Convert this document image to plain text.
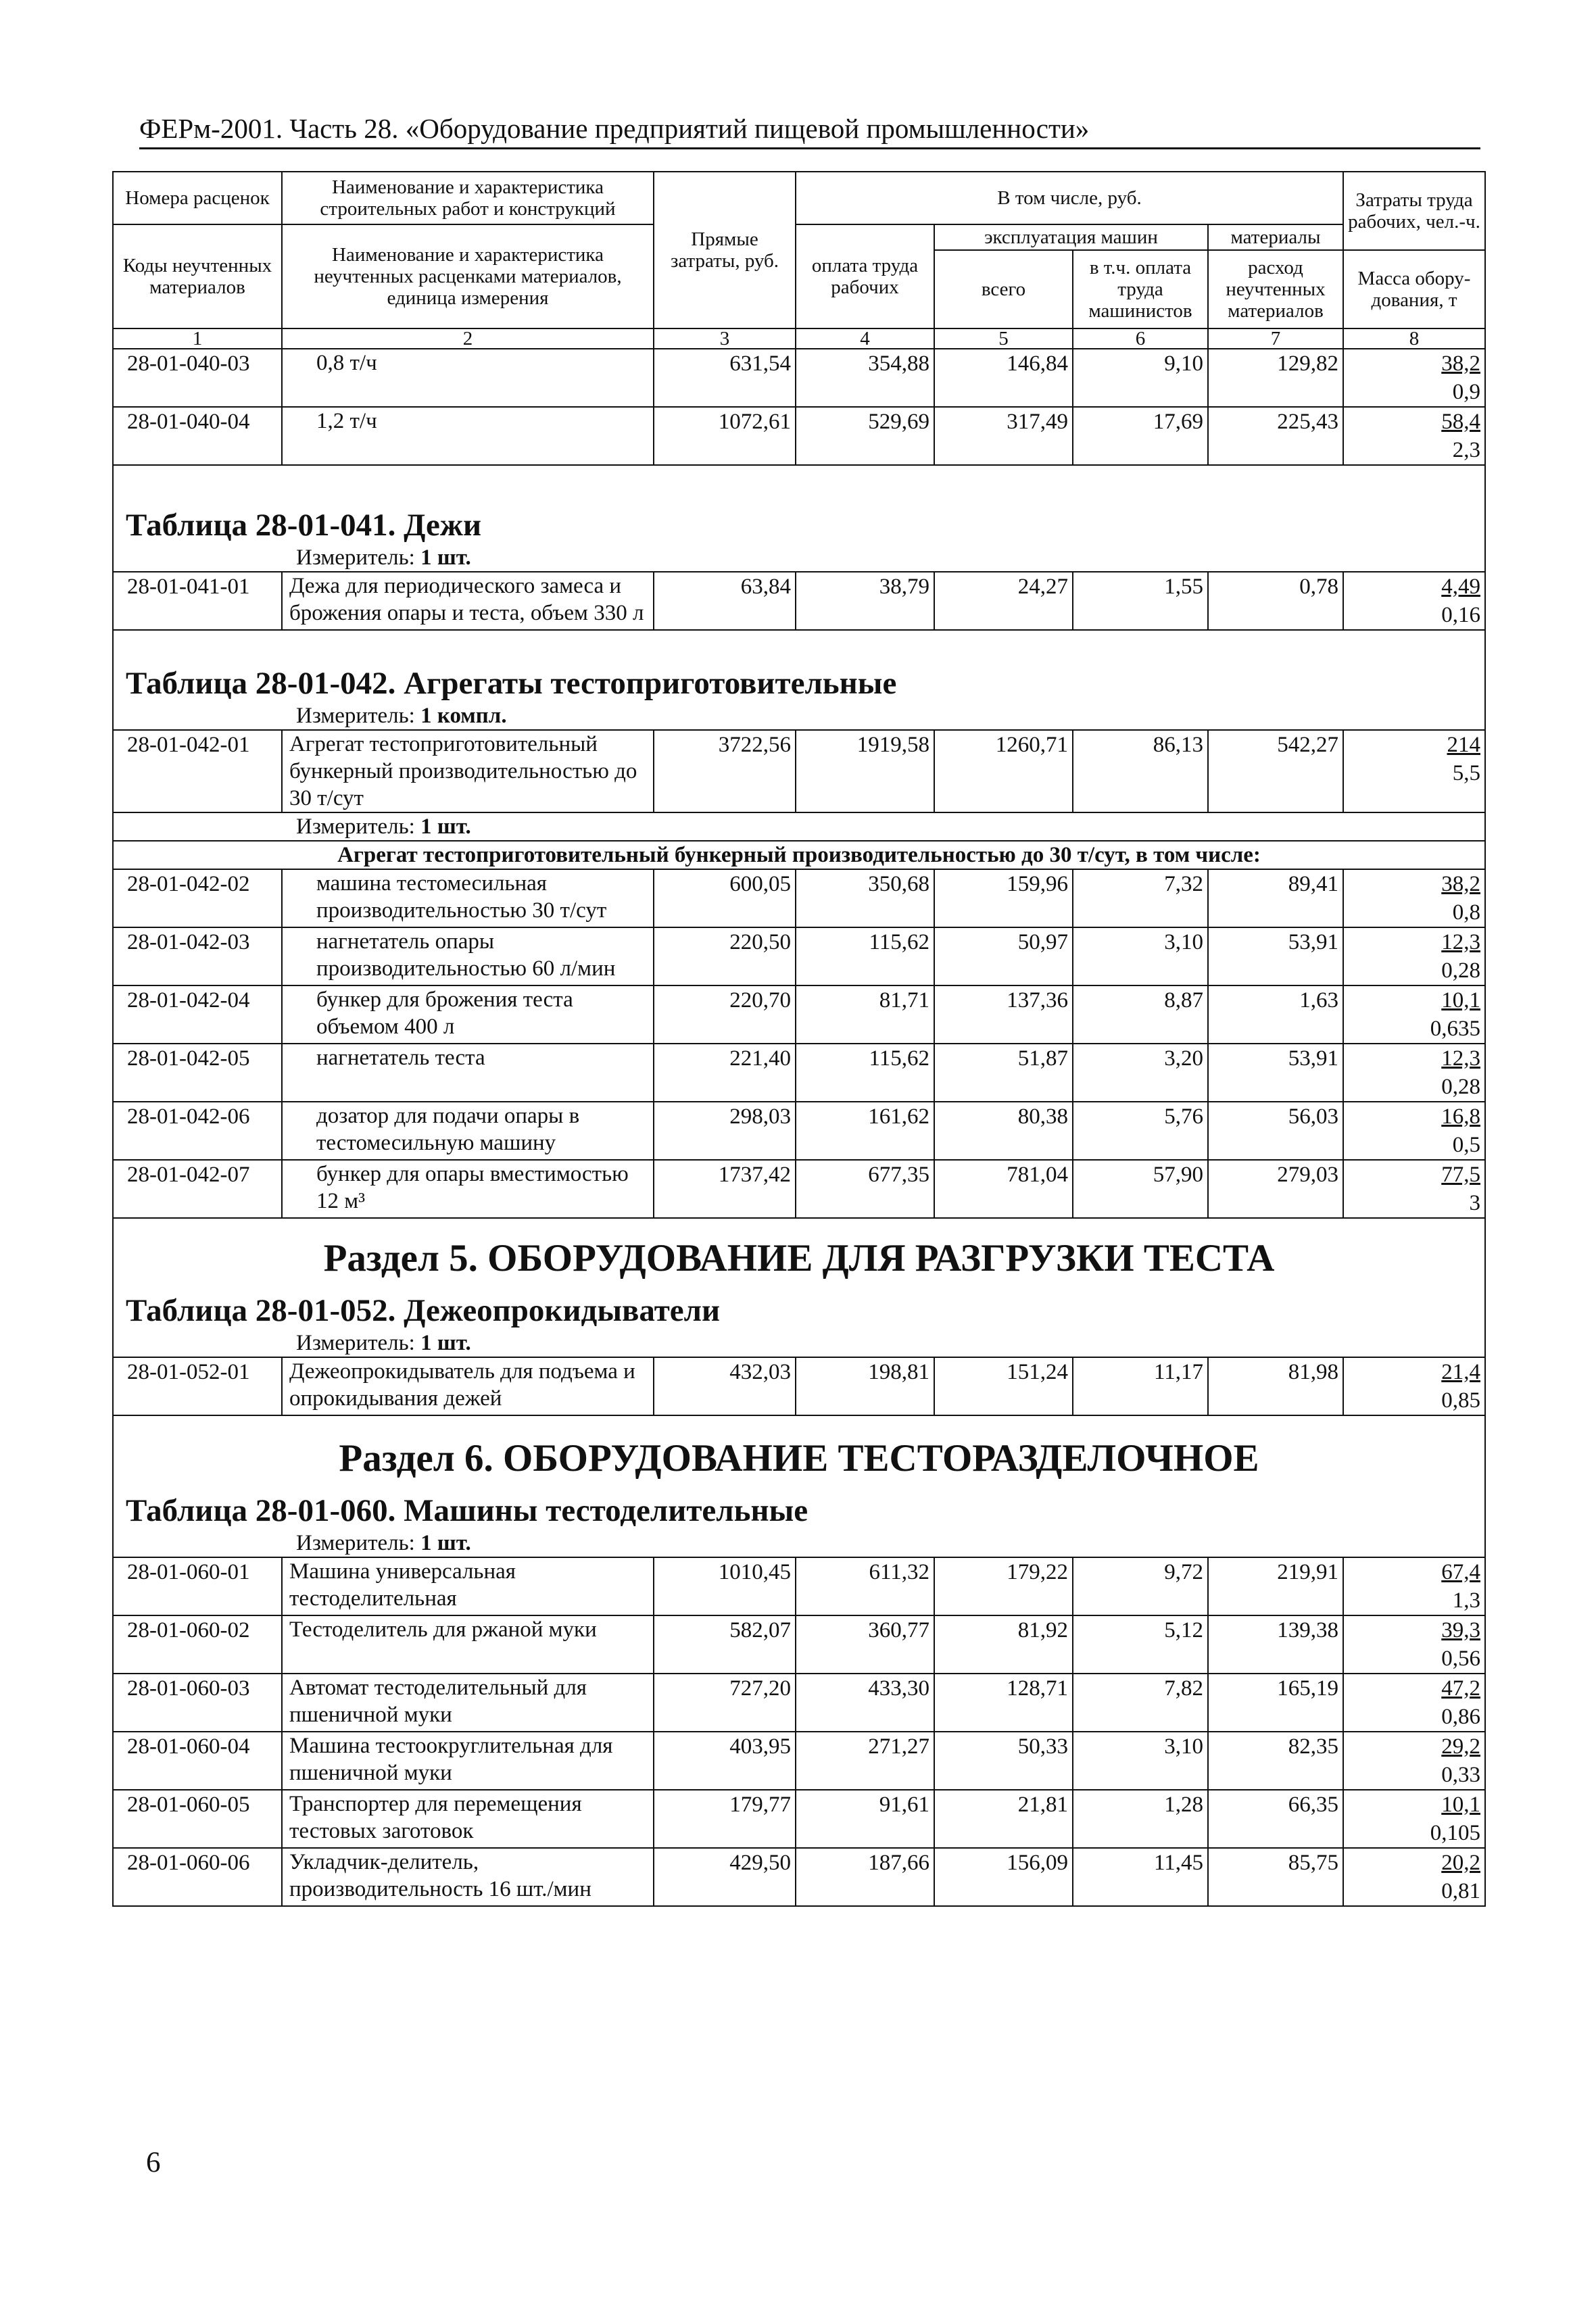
ФЕРм-2001. Часть 28. «Оборудование предприятий пищевой промышленности»
Номера расценок	Наименование и характеристика строительных работ и конструкций	Прямые затраты, руб.	В том числе, руб.				Затраты труда рабочих, чел.-ч.
Коды неучтенных материалов	Наименование и характеристика неучтенных расценками материалов, единица измерения		оплата труда рабочих	эксплуатация машин		материалы	
				всего	в т.ч. оплата труда машинистов	расход неучтенных материалов	Масса обору- дования, т
1	2	3	4	5	6	7	8
28-01-040-03	0,8 т/ч	631,54	354,88	146,84	9,10	129,82	38,2
0,9

28-01-040-04	1,2 т/ч	1072,61	529,69	317,49	17,69	225,43	58,4
2,3

Таблица 28-01-041. Дежи							

Измеритель: 1 шт.							
28-01-041-01	Дежа для периодического замеса и брожения опары и теста, объем 330 л	63,84	38,79	24,27	1,55	0,78	4,49
0,16

Таблица 28-01-042. Агрегаты тестоприготовительные							

Измеритель: 1 компл.							
28-01-042-01	Агрегат тестоприготовительный бункерный производительностью до 30 т/сут	3722,56	1919,58	1260,71	86,13	542,27	214
5,5

Измеритель: 1 шт.							
Агрегат тестоприготовительный бункерный производительностью до 30 т/сут, в том числе:							
28-01-042-02	машина тестомесильная производительностью 30 т/сут	600,05	350,68	159,96	7,32	89,41	38,2
0,8

28-01-042-03	нагнетатель опары производительностью 60 л/мин	220,50	115,62	50,97	3,10	53,91	12,3
0,28

28-01-042-04	бункер для брожения теста объемом 400 л	220,70	81,71	137,36	8,87	1,63	10,1
0,635

28-01-042-05	нагнетатель теста	221,40	115,62	51,87	3,20	53,91	12,3
0,28

28-01-042-06	дозатор для подачи опары в тестомесильную машину	298,03	161,62	80,38	5,76	56,03	16,8
0,5

28-01-042-07	бункер для опары вместимостью 12 м³	1737,42	677,35	781,04	57,90	279,03	77,5
3

Раздел 5. ОБОРУДОВАНИЕ ДЛЯ РАЗГРУЗКИ ТЕСТА							

Таблица 28-01-052. Дежеопрокидыватели							

Измеритель: 1 шт.							
28-01-052-01	Дежеопрокидыватель для подъема и опрокидывания дежей	432,03	198,81	151,24	11,17	81,98	21,4
0,85

Раздел 6. ОБОРУДОВАНИЕ ТЕСТОРАЗДЕЛОЧНОЕ							

Таблица 28-01-060. Машины тестоделительные							

Измеритель: 1 шт.							
28-01-060-01	Машина универсальная тестоделительная	1010,45	611,32	179,22	9,72	219,91	67,4
1,3

28-01-060-02	Тестоделитель для ржаной муки	582,07	360,77	81,92	5,12	139,38	39,3
0,56

28-01-060-03	Автомат тестоделительный для пшеничной муки	727,20	433,30	128,71	7,82	165,19	47,2
0,86

28-01-060-04	Машина тестоокруглительная для пшеничной муки	403,95	271,27	50,33	3,10	82,35	29,2
0,33

28-01-060-05	Транспортер для перемещения тестовых заготовок	179,77	91,61	21,81	1,28	66,35	10,1
0,105

28-01-060-06	Укладчик-делитель, производительность 16 шт./мин	429,50	187,66	156,09	11,45	85,75	20,2
0,81
6
